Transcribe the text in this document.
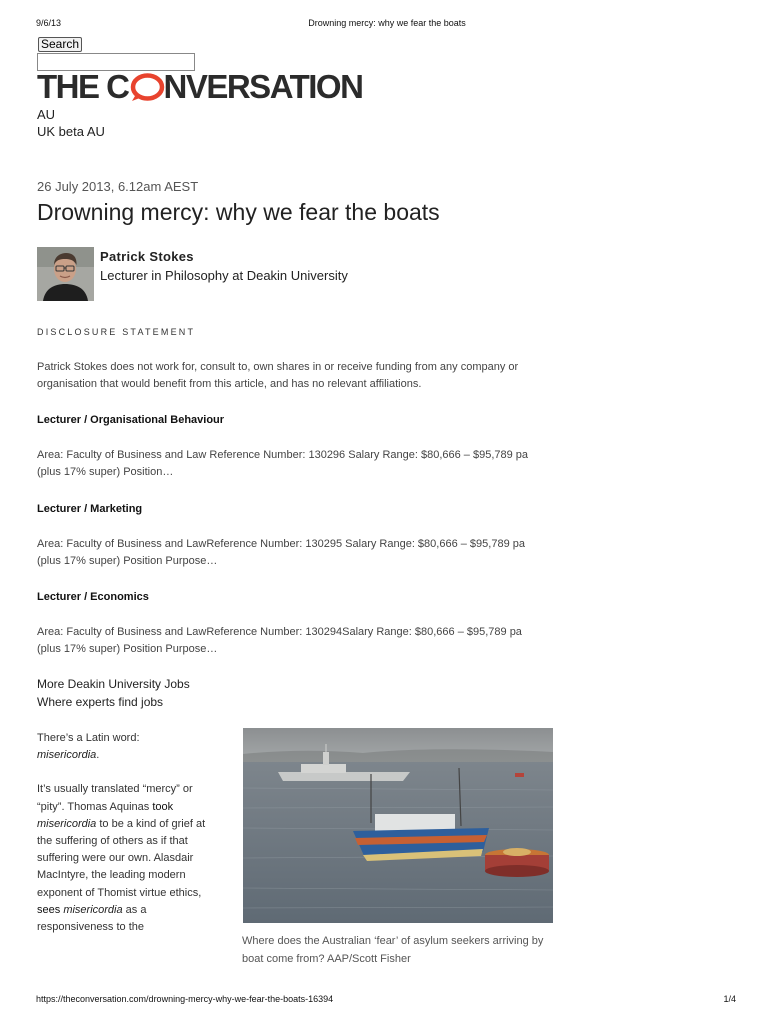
9/6/13	Drowning mercy: why we fear the boats
Search
THE C NVERSATION
AU
UK beta AU
26 July 2013, 6.12am AEST
Drowning mercy: why we fear the boats
Patrick Stokes
Lecturer in Philosophy at Deakin University
DISCLOSURE STATEMENT
Patrick Stokes does not work for, consult to, own shares in or receive funding from any company or organisation that would benefit from this article, and has no relevant affiliations.
Lecturer / Organisational Behaviour
Area: Faculty of Business and Law Reference Number: 130296 Salary Range: $80,666 – $95,789 pa (plus 17% super) Position…
Lecturer / Marketing
Area: Faculty of Business and LawReference Number: 130295 Salary Range: $80,666 – $95,789 pa (plus 17% super) Position Purpose…
Lecturer / Economics
Area: Faculty of Business and LawReference Number: 130294Salary Range: $80,666 – $95,789 pa (plus 17% super) Position Purpose…
More Deakin University Jobs
Where experts find jobs

There’s a Latin word:
misericordia.

It’s usually translated “mercy” or “pity”. Thomas Aquinas took misericordia to be a kind of grief at the suffering of others as if that suffering were our own. Alasdair MacIntyre, the leading modern exponent of Thomist virtue ethics, sees misericordia as a responsiveness to the

Where does the Australian ‘fear’ of asylum seekers arriving by boat come from? AAP/Scott Fisher
https://theconversation.com/drowning-mercy-why-we-fear-the-boats-16394	1/4
